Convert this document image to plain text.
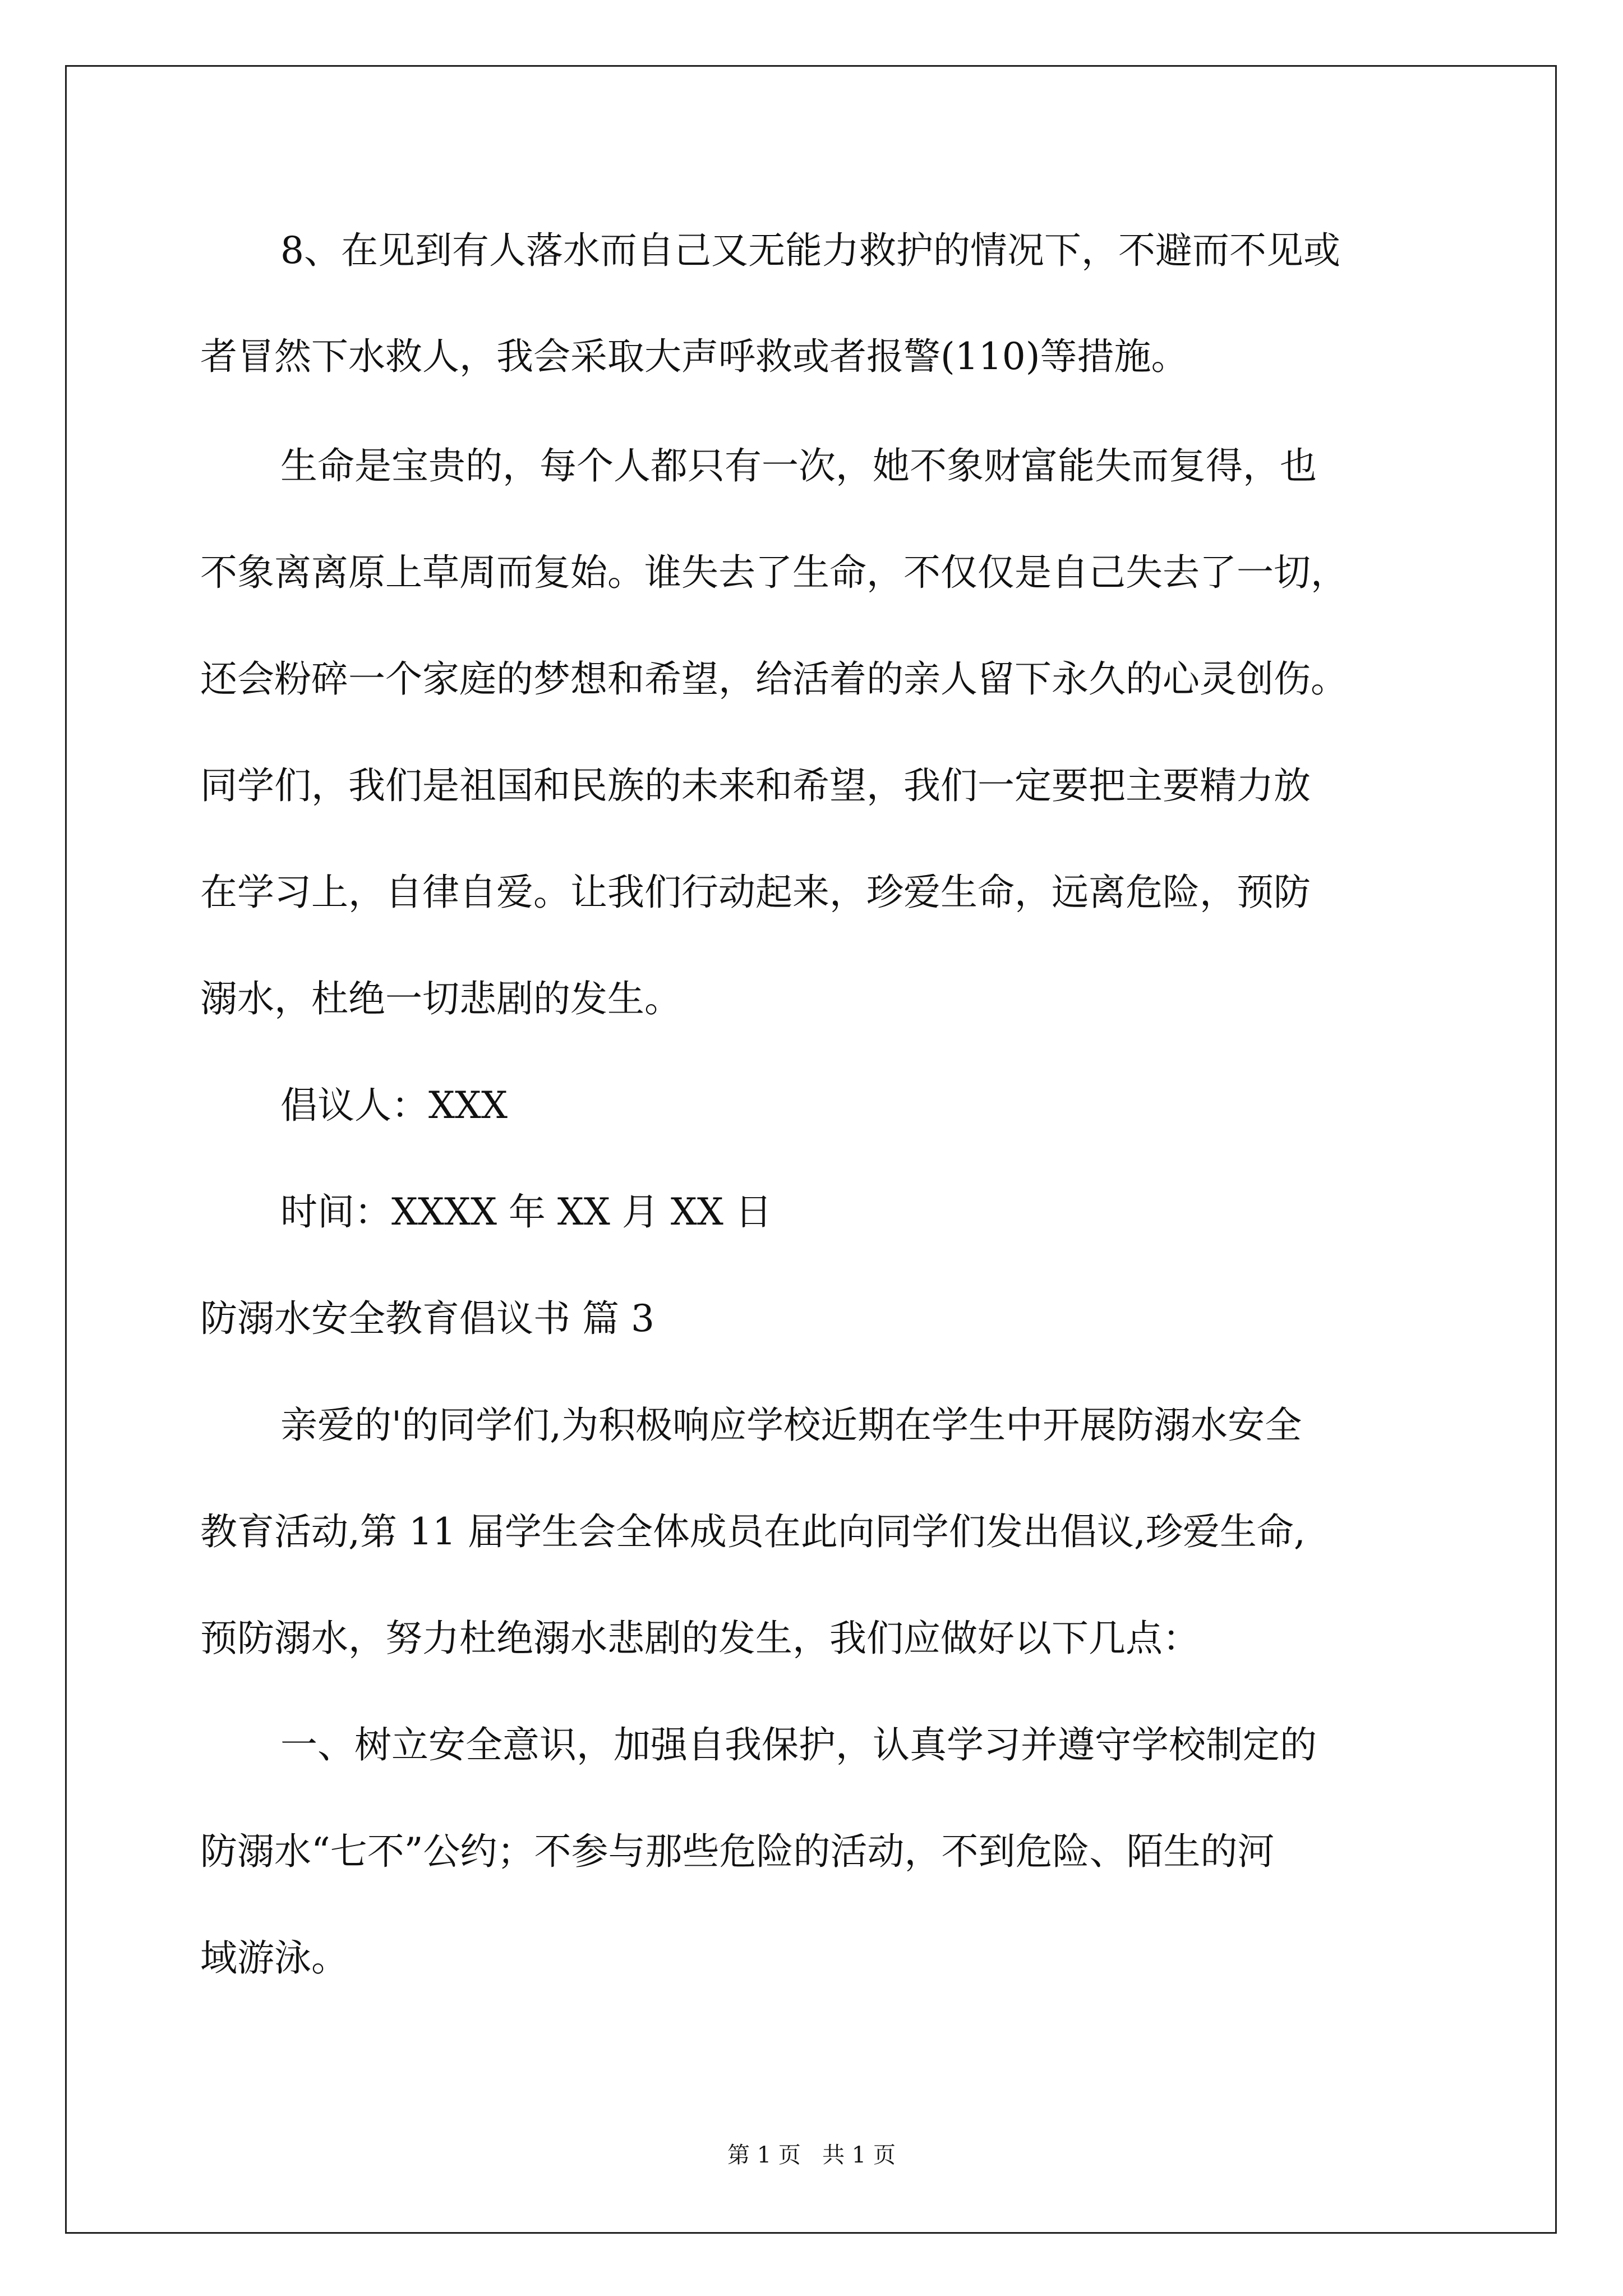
8、在见到有人落水而自己又无能力救护的情况下，不避而不见或
者冒然下水救人，我会采取大声呼救或者报警(110)等措施。
生命是宝贵的，每个人都只有一次，她不象财富能失而复得，也
不象离离原上草周而复始。谁失去了生命，不仅仅是自己失去了一切，
还会粉碎一个家庭的梦想和希望，给活着的亲人留下永久的心灵创伤。
同学们，我们是祖国和民族的未来和希望，我们一定要把主要精力放
在学习上，自律自爱。让我们行动起来，珍爱生命，远离危险，预防
溺水，杜绝一切悲剧的发生。
倡议人：XXX
时间：XXXX 年 XX 月 XX 日
防溺水安全教育倡议书 篇 3
亲爱的'的同学们,为积极响应学校近期在学生中开展防溺水安全
教育活动,第 11 届学生会全体成员在此向同学们发出倡议,珍爱生命,
预防溺水，努力杜绝溺水悲剧的发生，我们应做好以下几点：
一、树立安全意识，加强自我保护，认真学习并遵守学校制定的
防溺水“七不”公约；不参与那些危险的活动，不到危险、陌生的河
域游泳。
第 1 页   共 1 页
